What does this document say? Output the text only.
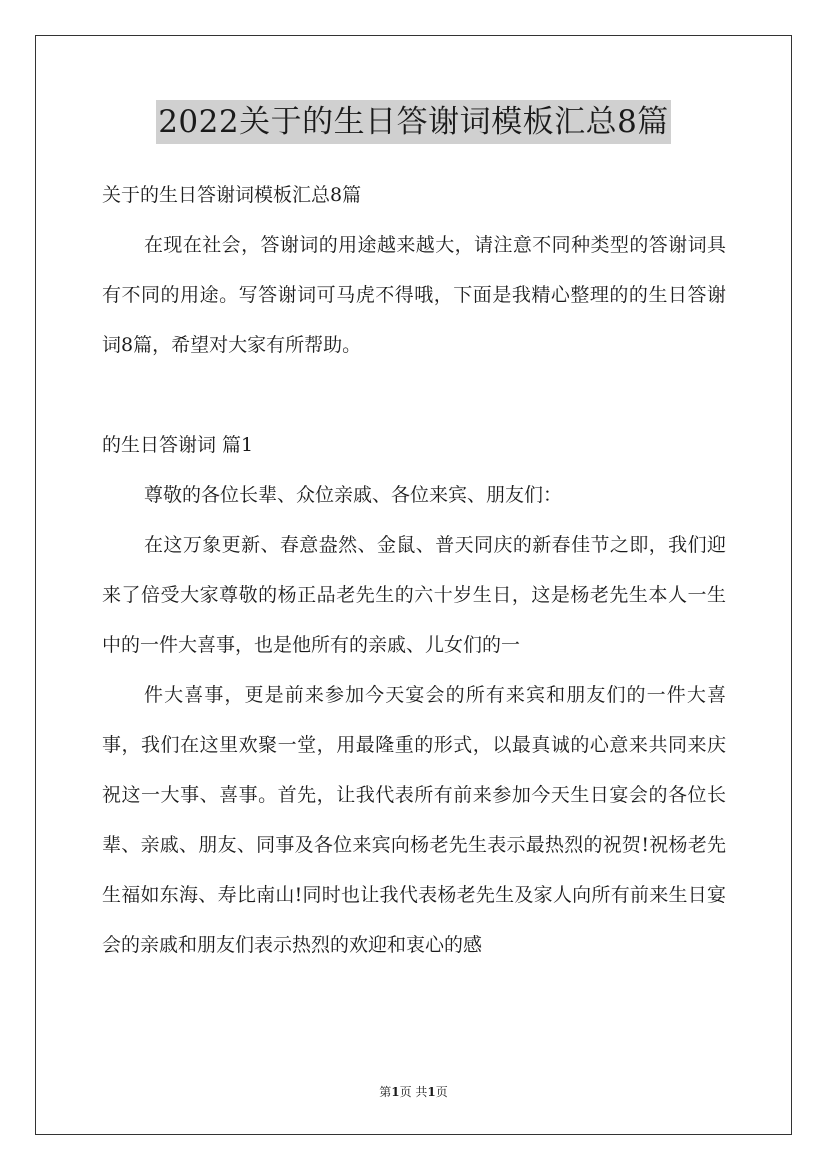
2022关于的生日答谢词模板汇总8篇

关于的生日答谢词模板汇总8篇

在现在社会，答谢词的用途越来越大，请注意不同种类型的答谢词具有不同的用途。写答谢词可马虎不得哦，下面是我精心整理的的生日答谢词8篇，希望对大家有所帮助。

的生日答谢词 篇1

尊敬的各位长辈、众位亲戚、各位来宾、朋友们：

在这万象更新、春意盎然、金鼠、普天同庆的新春佳节之即，我们迎来了倍受大家尊敬的杨正品老先生的六十岁生日，这是杨老先生本人一生中的一件大喜事，也是他所有的亲戚、儿女们的一

件大喜事，更是前来参加今天宴会的所有来宾和朋友们的一件大喜事，我们在这里欢聚一堂，用最隆重的形式，以最真诚的心意来共同来庆祝这一大事、喜事。首先，让我代表所有前来参加今天生日宴会的各位长辈、亲戚、朋友、同事及各位来宾向杨老先生表示最热烈的祝贺!祝杨老先生福如东海、寿比南山!同时也让我代表杨老先生及家人向所有前来生日宴会的亲戚和朋友们表示热烈的欢迎和衷心的感

第1页 共1页
